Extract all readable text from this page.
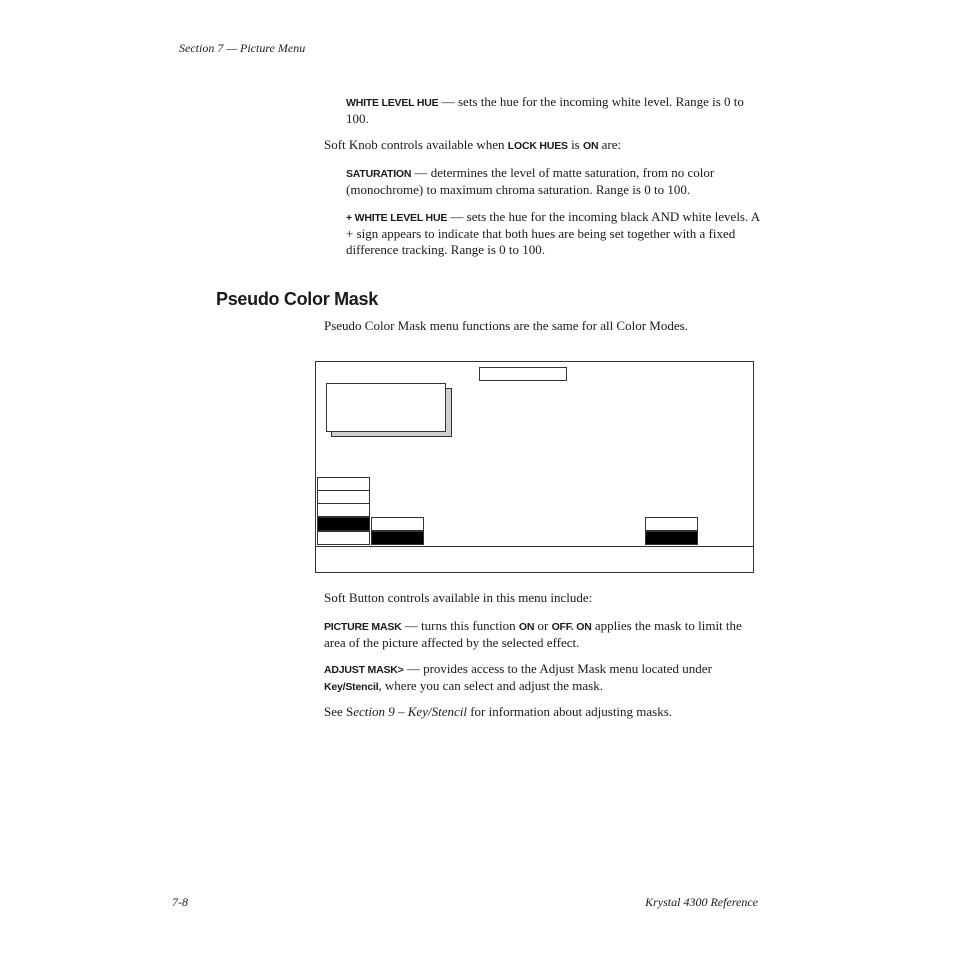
Section 7 — Picture Menu
WHITE LEVEL HUE — sets the hue for the incoming white level. Range is 0 to 100.
Soft Knob controls available when LOCK HUES is ON are:
SATURATION — determines the level of matte saturation, from no color (monochrome) to maximum chroma saturation. Range is 0 to 100.
+ WHITE LEVEL HUE — sets the hue for the incoming black AND white levels. A + sign appears to indicate that both hues are being set together with a fixed difference tracking. Range is 0 to 100.
Pseudo Color Mask
Pseudo Color Mask menu functions are the same for all Color Modes.
Soft Button controls available in this menu include:
PICTURE MASK — turns this function ON or OFF. ON applies the mask to limit the area of the picture affected by the selected effect.
ADJUST MASK> — provides access to the Adjust Mask menu located under Key/Stencil, where you can select and adjust the mask.
See Section 9 – Key/Stencil for information about adjusting masks.
7-8	Krystal 4300 Reference
